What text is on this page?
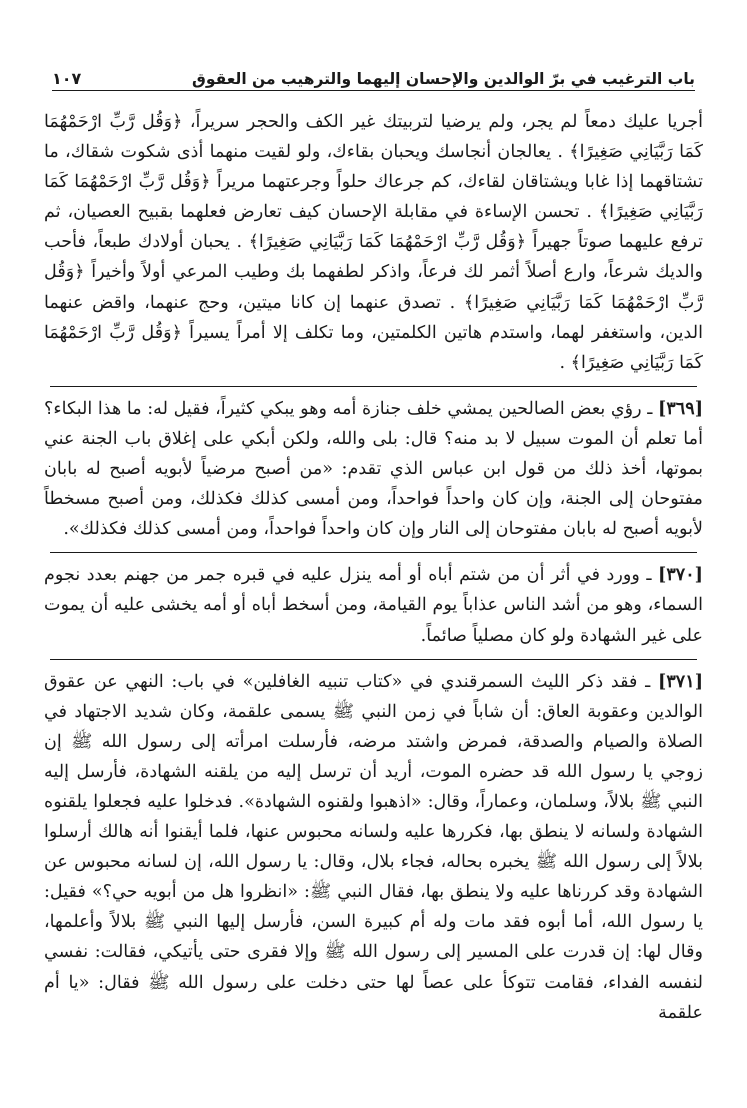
باب الترغيب في برّ الوالدين والإحسان إليهما والترهيب من العقوق
١٠٧

أجريا عليك دمعاً لم يجر، ولم يرضيا لتربيتك غير الكف والحجر سريراً، ﴿وَقُل رَّبِّ ارْحَمْهُمَا كَمَا رَبَّيَانِي صَغِيرًا﴾ . يعالجان أنجاسك ويحبان بقاءك، ولو لقيت منهما أذى شكوت شقاك، ما تشتاقهما إذا غابا ويشتاقان لقاءك، كم جرعاك حلواً وجرعتهما مريراً ﴿وَقُل رَّبِّ ارْحَمْهُمَا كَمَا رَبَّيَانِي صَغِيرًا﴾ . تحسن الإساءة في مقابلة الإحسان كيف تعارض فعلهما بقبيح العصيان، ثم ترفع عليهما صوتاً جهيراً ﴿وَقُل رَّبِّ ارْحَمْهُمَا كَمَا رَبَّيَانِي صَغِيرًا﴾ . يحبان أولادك طبعاً، فأحب والديك شرعاً، وارع أصلاً أثمر لك فرعاً، واذكر لطفهما بك وطيب المرعي أولاً وأخيراً ﴿وَقُل رَّبِّ ارْحَمْهُمَا كَمَا رَبَّيَانِي صَغِيرًا﴾ . تصدق عنهما إن كانا ميتين، وحج عنهما، واقض عنهما الدين، واستغفر لهما، واستدم هاتين الكلمتين، وما تكلف إلا أمراً يسيراً ﴿وَقُل رَّبِّ ارْحَمْهُمَا كَمَا رَبَّيَانِي صَغِيرًا﴾ .

[٣٦٩] ـ رؤي بعض الصالحين يمشي خلف جنازة أمه وهو يبكي كثيراً، فقيل له: ما هذا البكاء؟ أما تعلم أن الموت سبيل لا بد منه؟ قال: بلى والله، ولكن أبكي على إغلاق باب الجنة عني بموتها، أخذ ذلك من قول ابن عباس الذي تقدم: «من أصبح مرضياً لأبويه أصبح له بابان مفتوحان إلى الجنة، وإن كان واحداً فواحداً، ومن أمسى كذلك فكذلك، ومن أصبح مسخطاً لأبويه أصبح له بابان مفتوحان إلى النار وإن كان واحداً فواحداً، ومن أمسى كذلك فكذلك».

[٣٧٠] ـ وورد في أثر أن من شتم أباه أو أمه ينزل عليه في قبره جمر من جهنم بعدد نجوم السماء، وهو من أشد الناس عذاباً يوم القيامة، ومن أسخط أباه أو أمه يخشى عليه أن يموت على غير الشهادة ولو كان مصلياً صائماً.

[٣٧١] ـ فقد ذكر الليث السمرقندي في «كتاب تنبيه الغافلين» في باب: النهي عن عقوق الوالدين وعقوبة العاق: أن شاباً في زمن النبي ﷺ يسمى علقمة، وكان شديد الاجتهاد في الصلاة والصيام والصدقة، فمرض واشتد مرضه، فأرسلت امرأته إلى رسول الله ﷺ إن زوجي يا رسول الله قد حضره الموت، أريد أن ترسل إليه من يلقنه الشهادة، فأرسل إليه النبي ﷺ بلالاً، وسلمان، وعماراً، وقال: «اذهبوا ولقنوه الشهادة». فدخلوا عليه فجعلوا يلقنوه الشهادة ولسانه لا ينطق بها، فكررها عليه ولسانه محبوس عنها، فلما أيقنوا أنه هالك أرسلوا بلالاً إلى رسول الله ﷺ يخبره بحاله، فجاء بلال، وقال: يا رسول الله، إن لسانه محبوس عن الشهادة وقد كررناها عليه ولا ينطق بها، فقال النبي ﷺ: «انظروا هل من أبويه حي؟» فقيل: يا رسول الله، أما أبوه فقد مات وله أم كبيرة السن، فأرسل إليها النبي ﷺ بلالاً وأعلمها، وقال لها: إن قدرت على المسير إلى رسول الله ﷺ وإلا فقرى حتى يأتيكي، فقالت: نفسي لنفسه الفداء، فقامت تتوكأ على عصاً لها حتى دخلت على رسول الله ﷺ فقال: «يا أم علقمة
